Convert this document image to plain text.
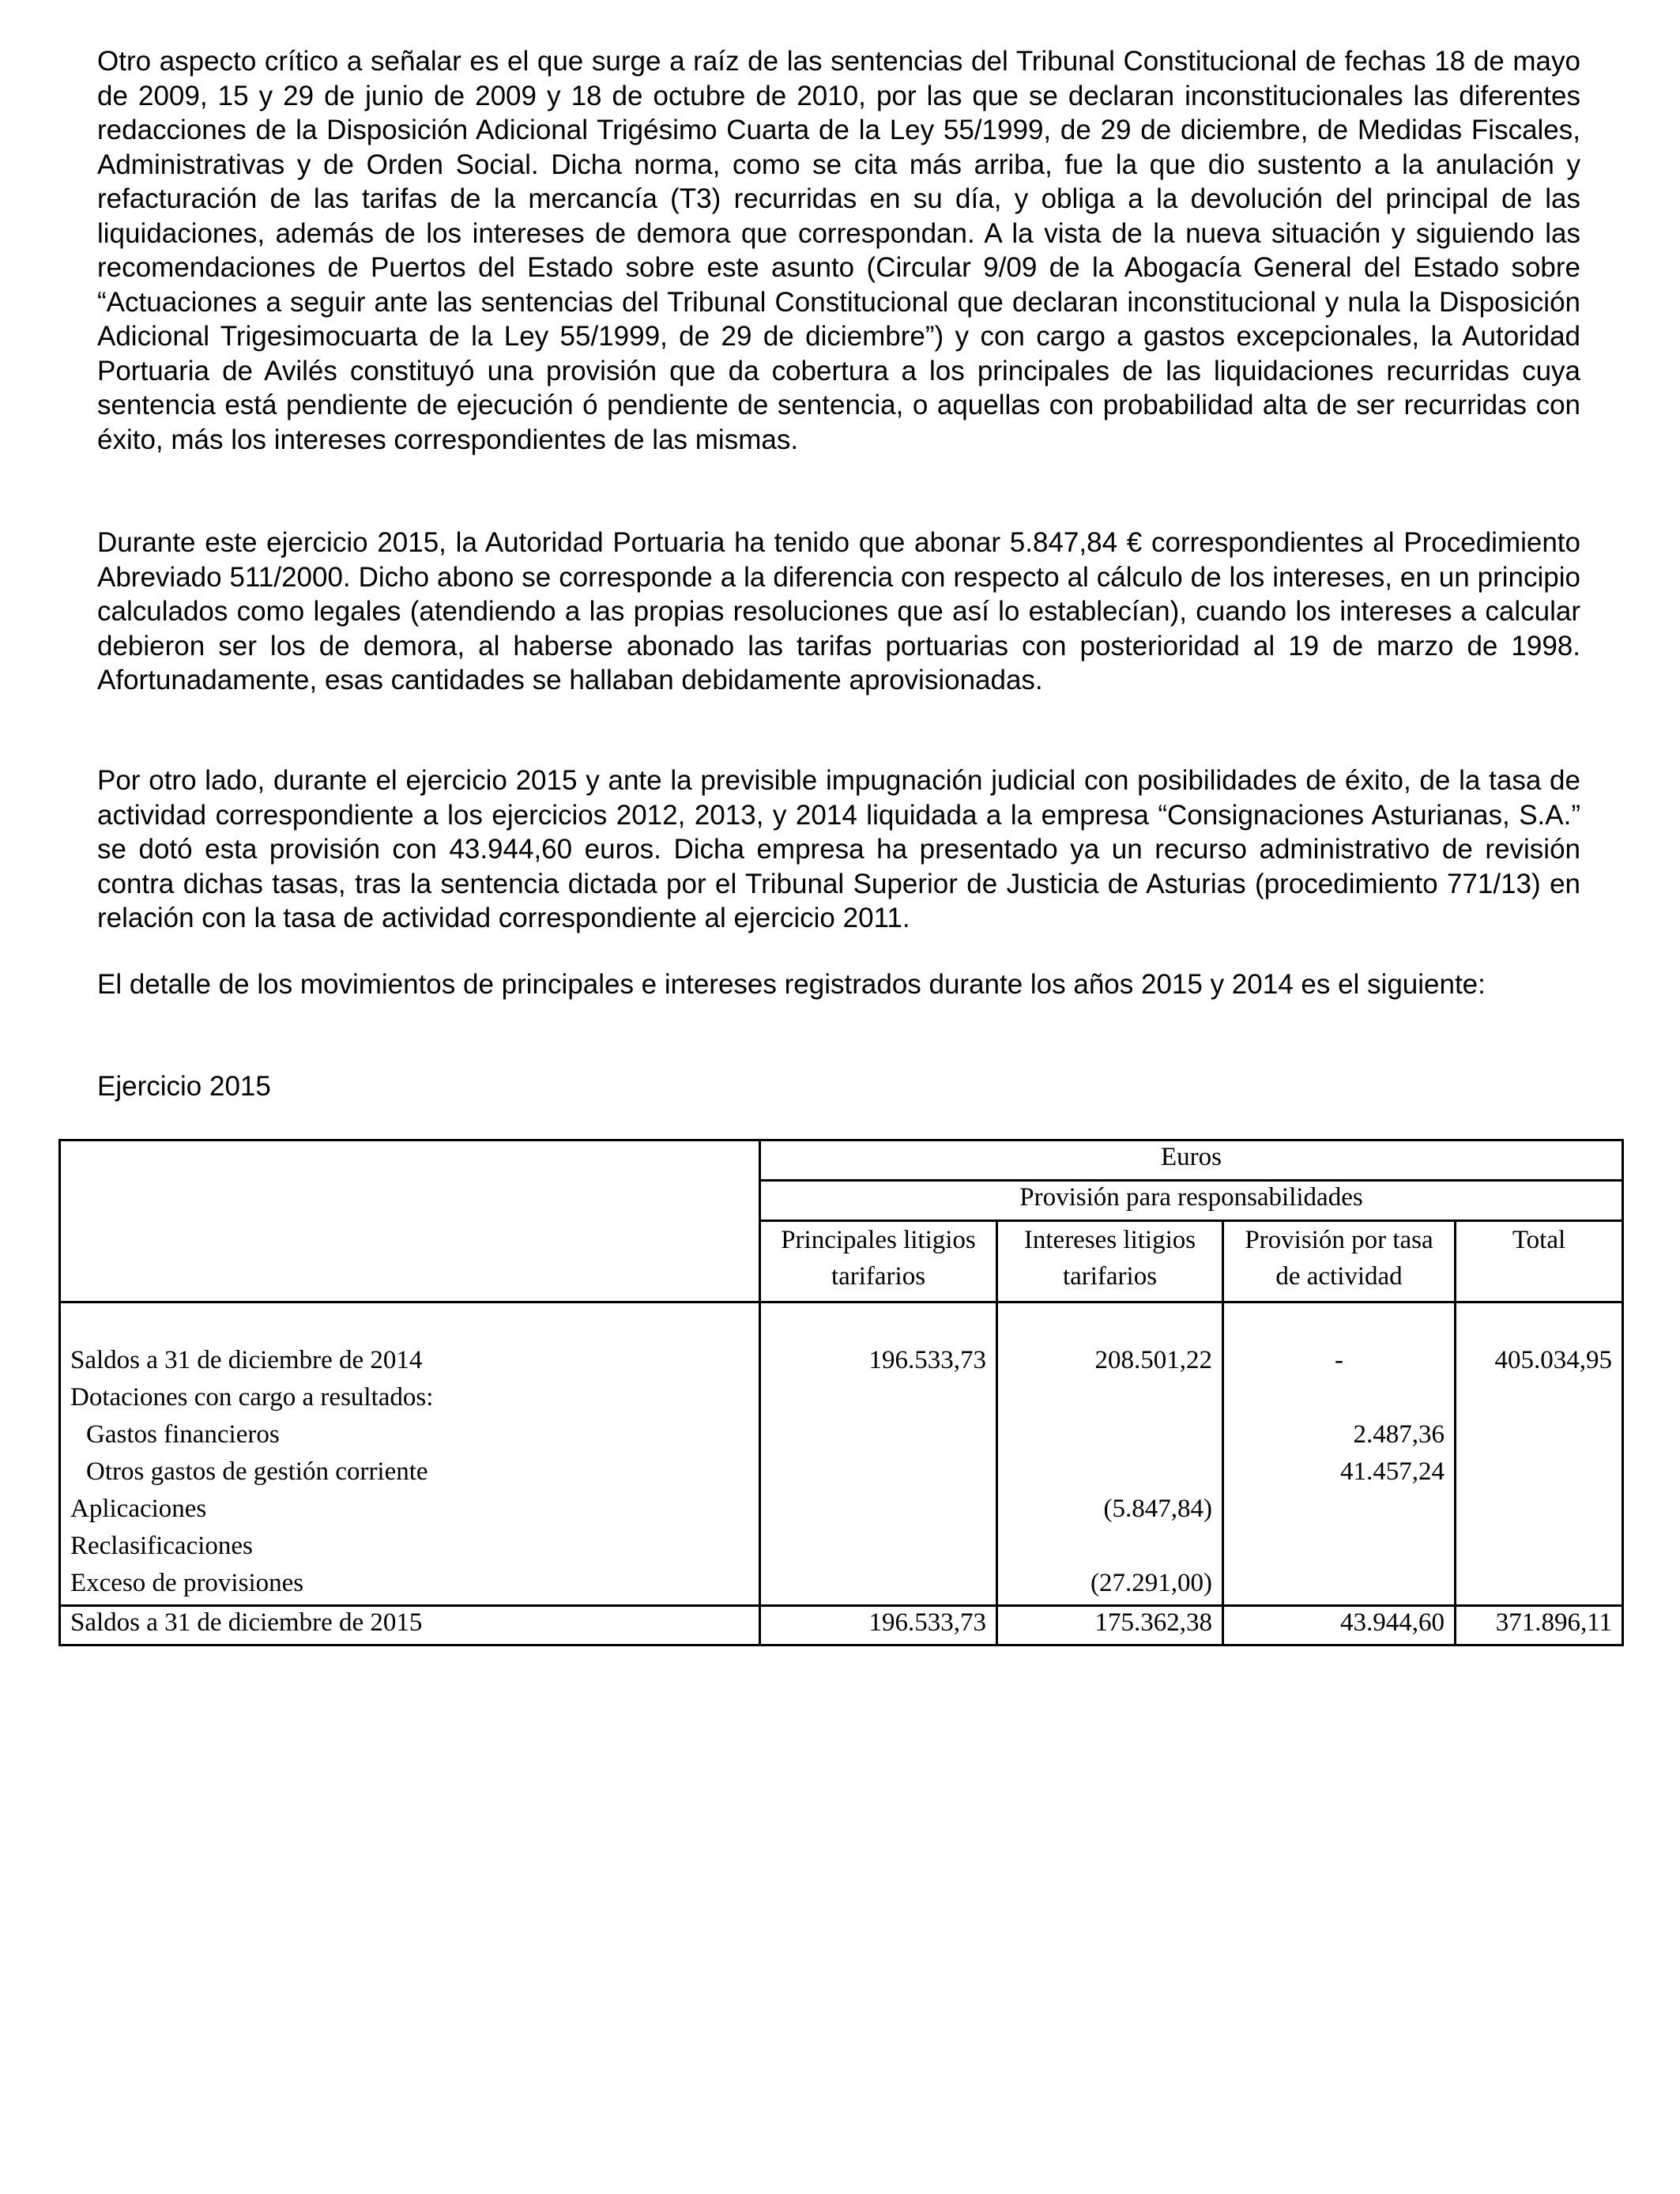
Otro aspecto crítico a señalar es el que surge a raíz de las sentencias del Tribunal Constitucional de fechas 18 de mayo de 2009, 15 y 29 de junio de 2009 y 18 de octubre de 2010, por las que se declaran inconstitucionales las diferentes redacciones de la Disposición Adicional Trigésimo Cuarta de la Ley 55/1999, de 29 de diciembre, de Medidas Fiscales, Administrativas y de Orden Social. Dicha norma, como se cita más arriba, fue la que dio sustento a la anulación y refacturación de las tarifas de la mercancía (T3) recurridas en su día, y obliga a la devolución del principal de las liquidaciones, además de los intereses de demora que correspondan. A la vista de la nueva situación y siguiendo las recomendaciones de Puertos del Estado sobre este asunto (Circular 9/09 de la Abogacía General del Estado sobre “Actuaciones a seguir ante las sentencias del Tribunal Constitucional que declaran inconstitucional y nula la Disposición Adicional Trigesimocuarta de la Ley 55/1999, de 29 de diciembre”) y con cargo a gastos excepcionales, la Autoridad Portuaria de Avilés constituyó una provisión que da cobertura a los principales de las liquidaciones recurridas cuya sentencia está pendiente de ejecución ó pendiente de sentencia, o aquellas con probabilidad alta de ser recurridas con éxito, más los intereses correspondientes de las mismas.

Durante este ejercicio 2015, la Autoridad Portuaria ha tenido que abonar 5.847,84 € correspondientes al Procedimiento Abreviado 511/2000. Dicho abono se corresponde a la diferencia con respecto al cálculo de los intereses, en un principio calculados como legales (atendiendo a las propias resoluciones que así lo establecían), cuando los intereses a calcular debieron ser los de demora, al haberse abonado las tarifas portuarias con posterioridad al 19 de marzo de 1998. Afortunadamente, esas cantidades se hallaban debidamente aprovisionadas.

Por otro lado, durante el ejercicio 2015 y ante la previsible impugnación judicial con posibilidades de éxito, de la tasa de actividad correspondiente a los ejercicios 2012, 2013, y 2014 liquidada a la empresa “Consignaciones Asturianas, S.A.” se dotó esta provisión con 43.944,60 euros. Dicha empresa ha presentado ya un recurso administrativo de revisión contra dichas tasas, tras la sentencia dictada por el Tribunal Superior de Justicia de Asturias (procedimiento 771/13) en relación con la tasa de actividad correspondiente al ejercicio 2011.

El detalle de los movimientos de principales e intereses registrados durante los años 2015 y 2014 es el siguiente:

Ejercicio 2015

	Euros			
	Provisión para responsabilidades			
	Principales litigios tarifarios	Intereses litigios tarifarios	Provisión por tasa de actividad	Total

Saldos a 31 de diciembre de 2014	196.533,73	208.501,22	-	405.034,95
Dotaciones con cargo a resultados:				
Gastos financieros			2.487,36	
Otros gastos de gestión corriente			41.457,24	
Aplicaciones		(5.847,84)		
Reclasificaciones				
Exceso de provisiones		(27.291,00)		
Saldos a 31 de diciembre de 2015	196.533,73	175.362,38	43.944,60	371.896,11
